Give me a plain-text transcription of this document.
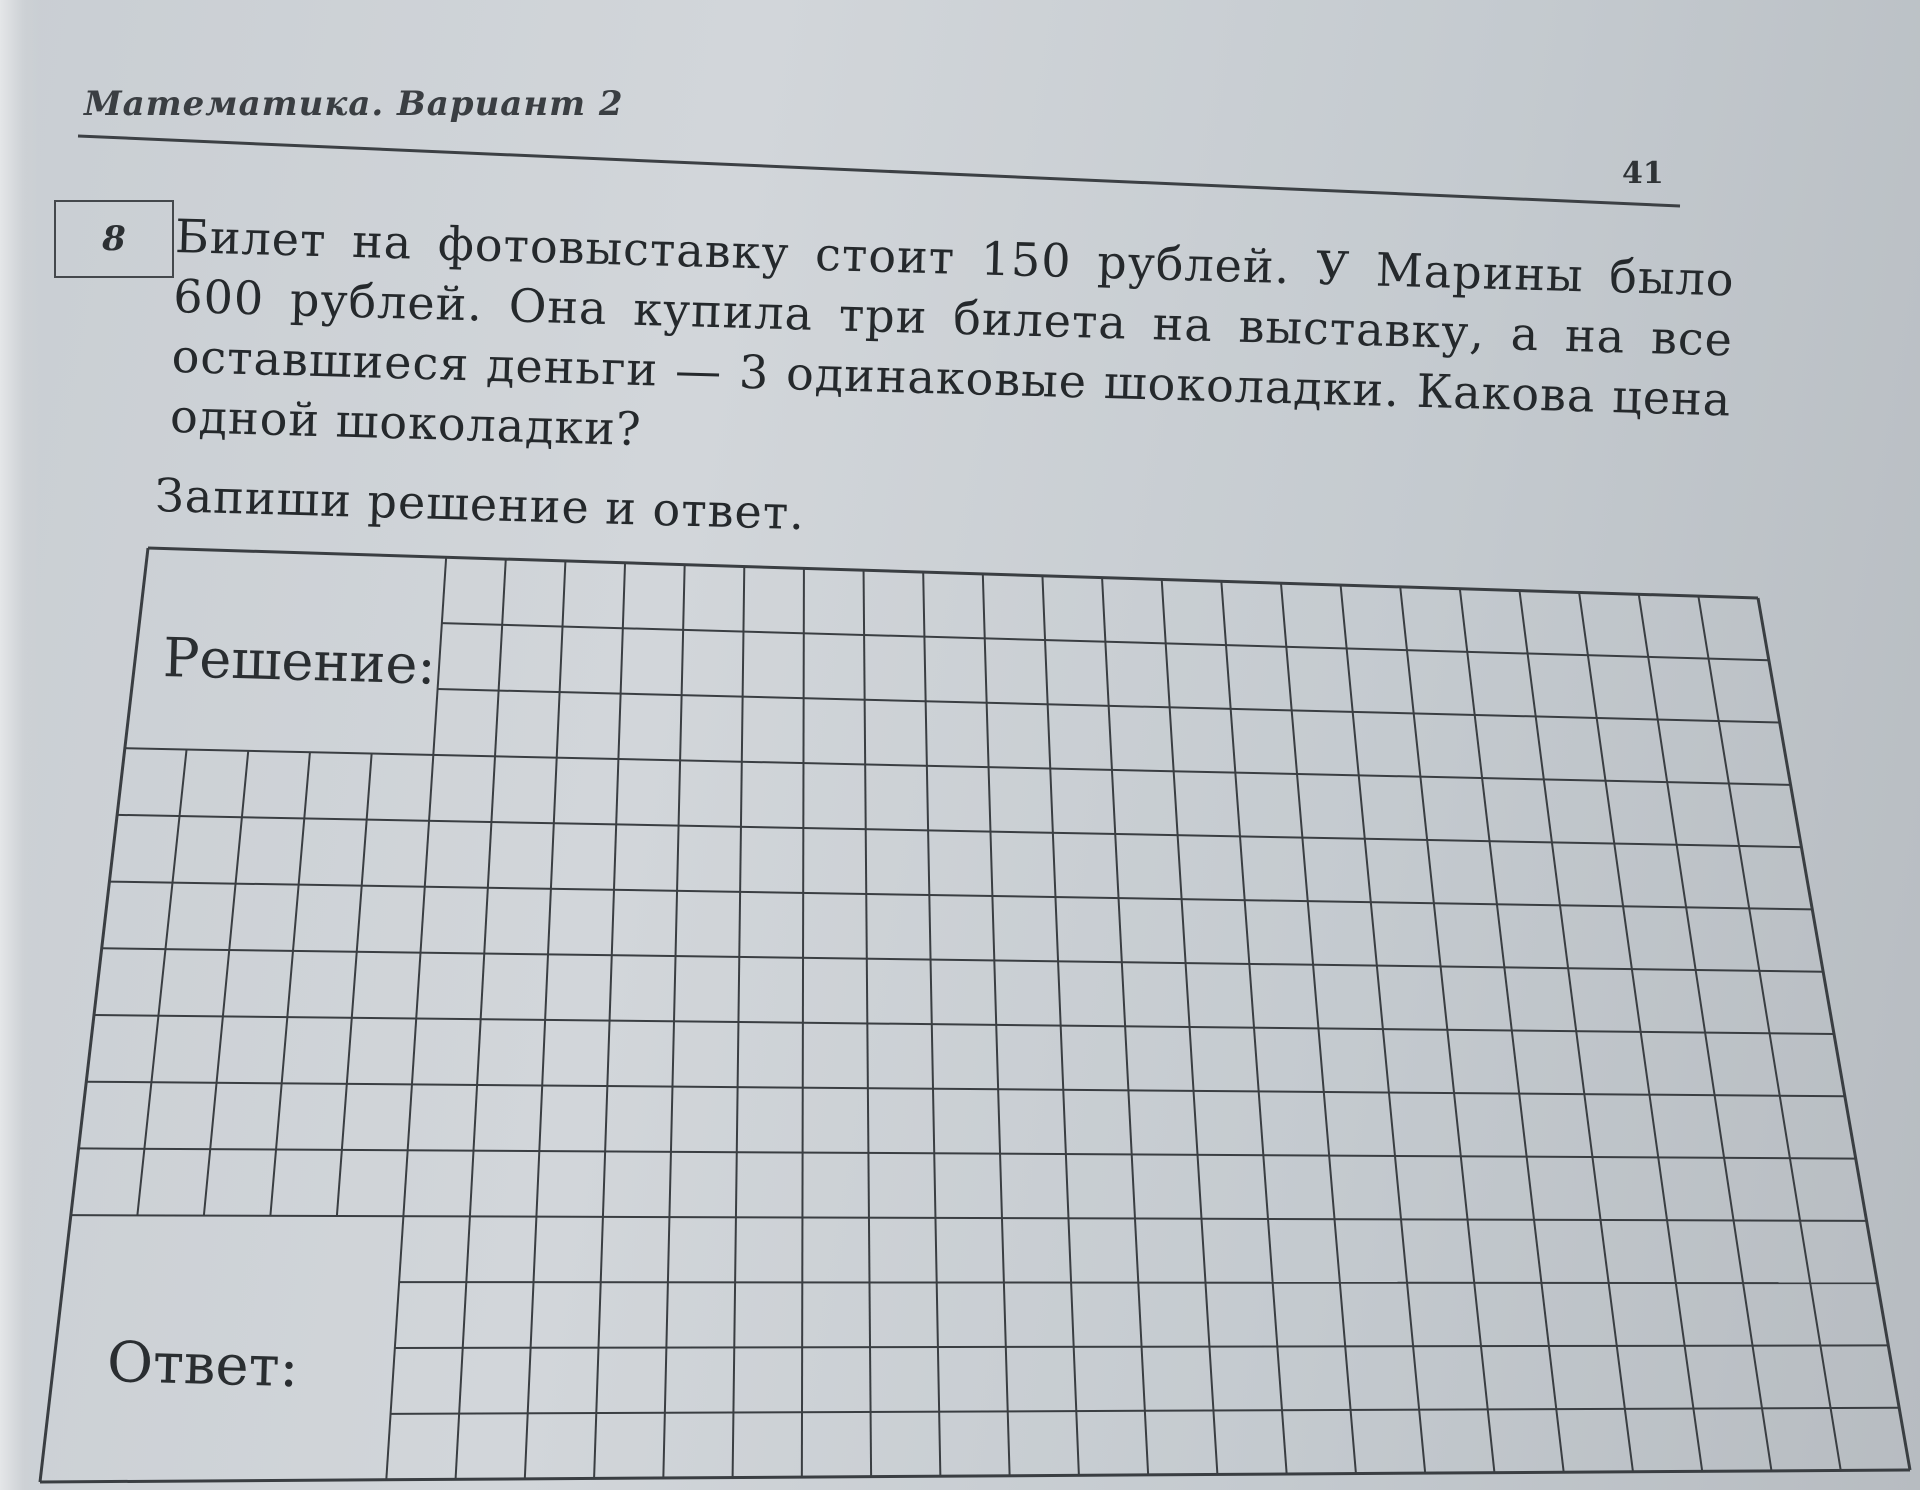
Математика. Вариант 2
41
8 Билет на фотовыставку стоит 150 рублей. У Марины было 600 рублей. Она купила три билета на выставку, а на все оставшиеся деньги — 3 одинаковые шоколадки. Какова цена одной шоколадки?
Запиши решение и ответ.
Решение:
Ответ:
